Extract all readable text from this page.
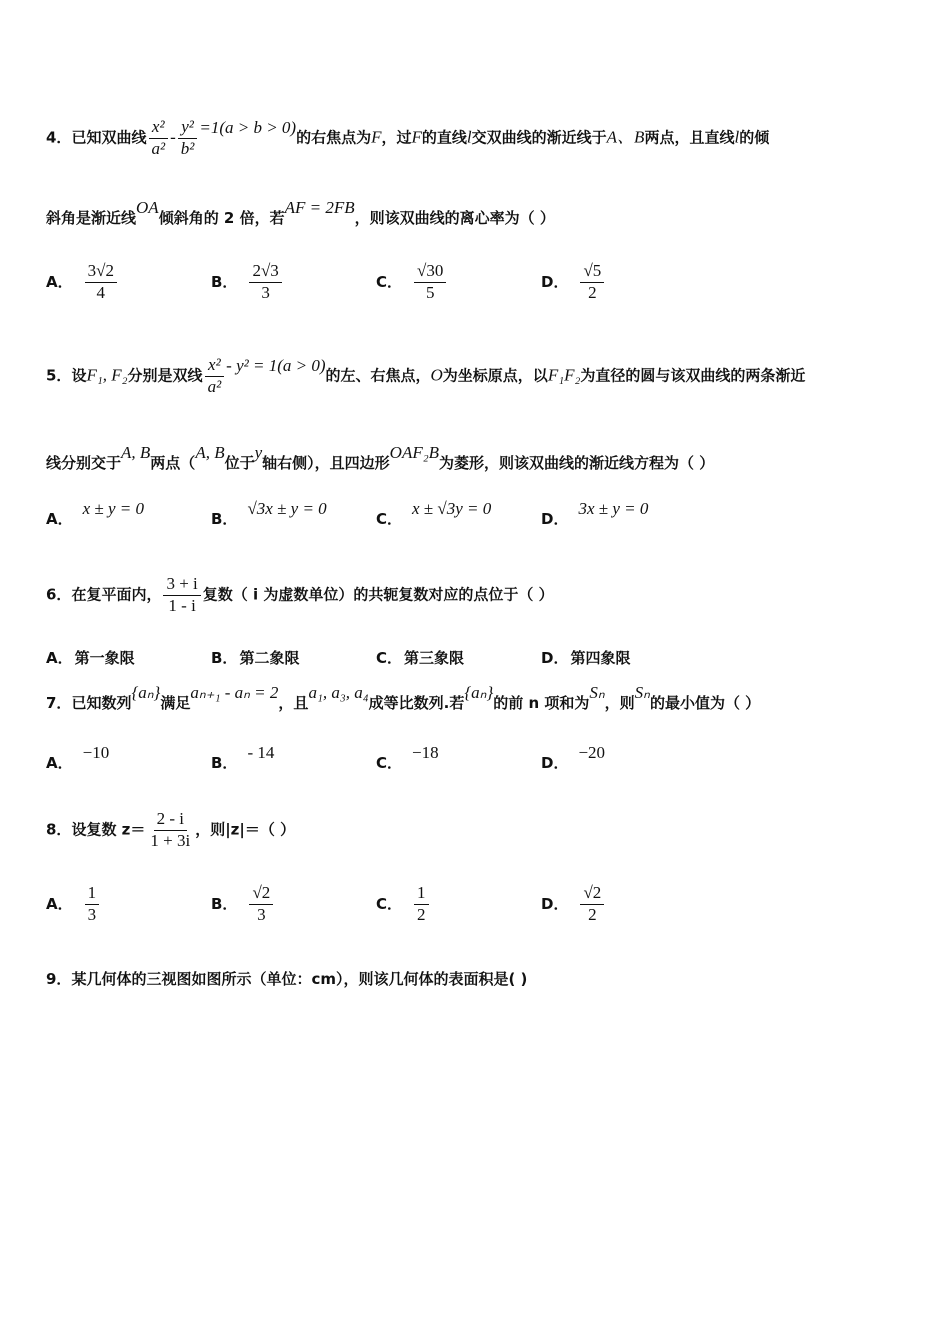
4．已知双曲线 $\frac{\text{x²}}{\text{a²}} - \frac{\text{y²}}{\text{b²}} =1(a > b > 0)$的右焦点为F，过F的直线l交双曲线的渐近线于A、B两点，且直线l的倾
斜角是渐近线OA倾斜角的 2 倍，若AF = 2FB，则该双曲线的离心率为（ ）
A． $\frac{3√2}{4}$	B． $\frac{2√3}{3}$	C． $\frac{√30}{5}$	D． $\frac{√5}{2}$
5．设F₁, F₂分别是双线 $\frac{\text{x²}}{\text{a²}} - y^2 = 1(a > 0)$的左、右焦点，O为坐标原点，以F₁F₂为直径的圆与该双曲线的两条渐近
线分别交于A, B两点（A, B位于y轴右侧），且四边形OAF₂B为菱形，则该双曲线的渐近线方程为（ ）
A．x ± y = 0
B．√3x ± y = 0
C．x ± √3y = 0
D．3x ± y = 0
6．在复平面内， $\frac{3 + i}{1 - i}$ 复数（ i 为虚数单位）的共轭复数对应的点位于（ ）
A． 第一象限	B． 第二象限	C． 第三象限	D． 第四象限
7．已知数列{aₙ}满足aₙ₊₁ - aₙ = 2，且a₁, a₃, a₄成等比数列.若{aₙ}的前 n 项和为Sₙ，则Sₙ的最小值为（ ）
A．−10
B．- 14
C．−18
D．−20
8．设复数 $z= \frac{2 - i}{1 + 3i}$ ，则|z|＝（ ）
A． $\frac{1}{3}$	B． $\frac{√2}{3}$	C． $\frac{1}{2}$	D． $\frac{√2}{2}$
9．某几何体的三视图如图所示（单位：cm），则该几何体的表面积是( )
